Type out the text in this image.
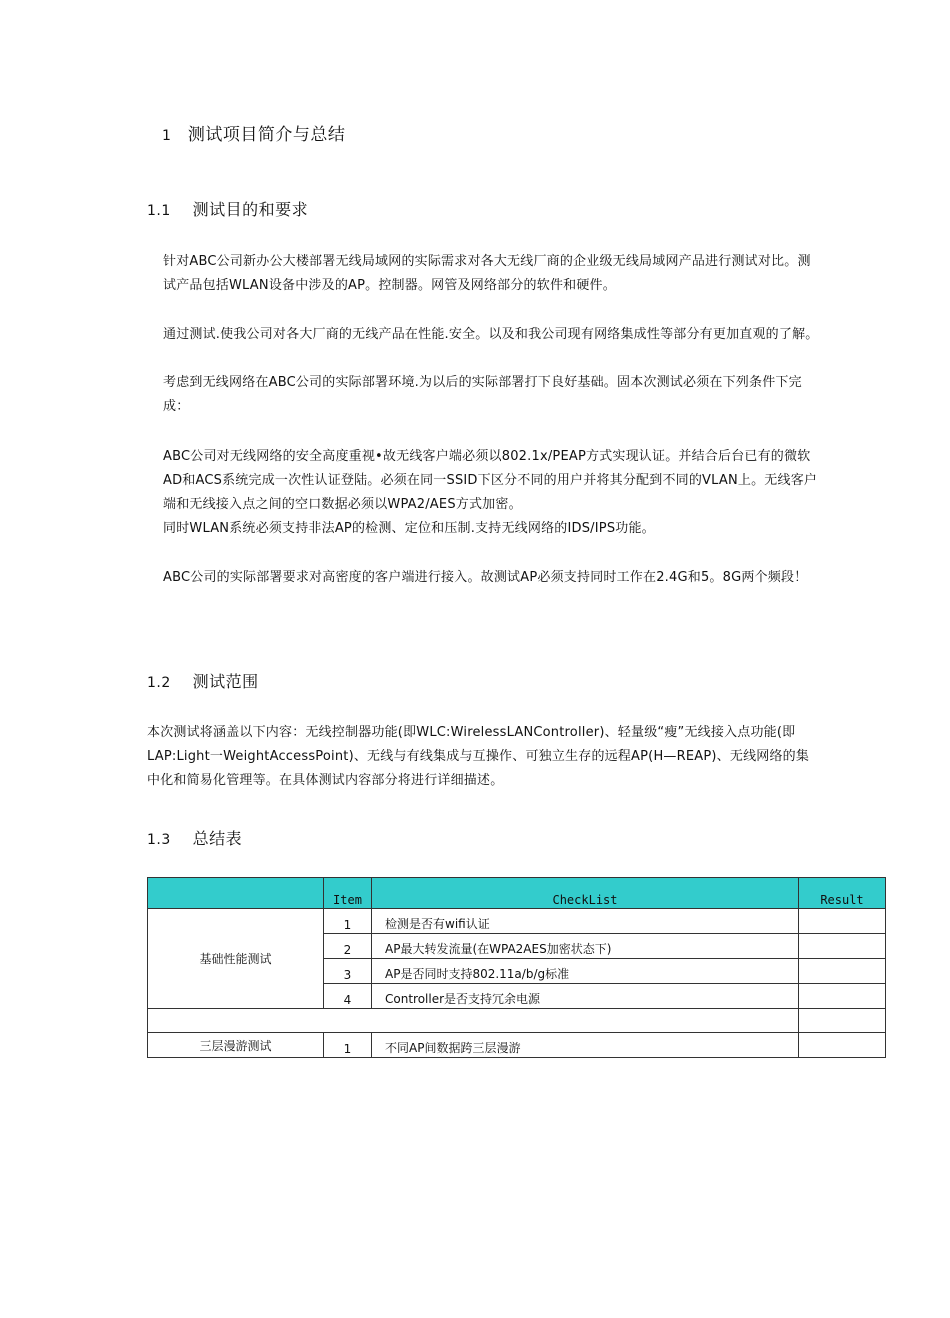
1 测试项目简介与总结
1.1 测试目的和要求
针对ABC公司新办公大楼部署无线局域网的实际需求对各大无线厂商的企业级无线局域网产品进行测试对比。测
试产品包括WLAN设备中涉及的AP。控制器。网管及网络部分的软件和硬件。
通过测试.使我公司对各大厂商的无线产品在性能.安全。以及和我公司现有网络集成性等部分有更加直观的了解。
考虑到无线网络在ABC公司的实际部署环境.为以后的实际部署打下良好基础。固本次测试必须在下列条件下完
成：
ABC公司对无线网络的安全高度重视•故无线客户端必须以802.1x/PEAP方式实现认证。并结合后台已有的微软
AD和ACS系统完成一次性认证登陆。必须在同一SSID下区分不同的用户并将其分配到不同的VLAN上。无线客户
端和无线接入点之间的空口数据必须以WPA2/AES方式加密。
同时WLAN系统必须支持非法AP的检测、定位和压制.支持无线网络的IDS/IPS功能。
ABC公司的实际部署要求对高密度的客户端进行接入。故测试AP必须支持同时工作在2.4G和5。8G两个频段！
1.2 测试范围
本次测试将涵盖以下内容：无线控制器功能(即WLC:WirelessLANController)、轻量级“瘦”无线接入点功能(即
LAP:Light一WeightAccessPoint)、无线与有线集成与互操作、可独立生存的远程AP(H—REAP)、无线网络的集
中化和简易化管理等。在具体测试内容部分将进行详细描述。
1.3 总结表
	Item	CheckList	Result
基础性能测试	1	检测是否有wifi认证	
	2	AP最大转发流量(在WPA2AES加密状态下)	
	3	AP是否同时支持802.11a/b/g标准	
	4	Controller是否支持冗余电源	

三层漫游测试	1	不同AP间数据跨三层漫游	
